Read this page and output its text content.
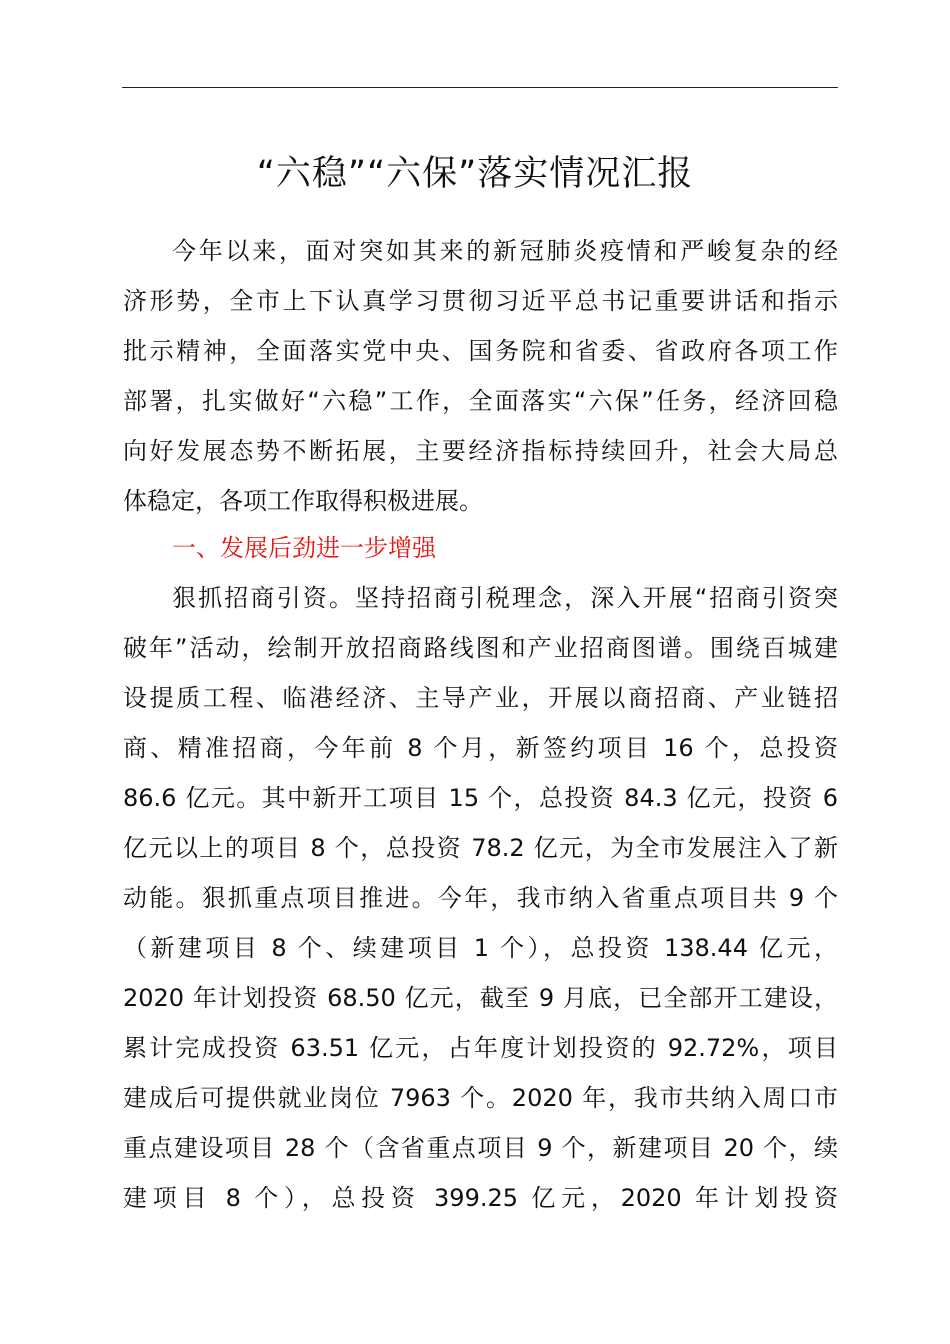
“六稳”“六保”落实情况汇报
今年以来，面对突如其来的新冠肺炎疫情和严峻复杂的经
济形势，全市上下认真学习贯彻习近平总书记重要讲话和指示
批示精神，全面落实党中央、国务院和省委、省政府各项工作
部署，扎实做好“六稳”工作，全面落实“六保”任务，经济回稳
向好发展态势不断拓展，主要经济指标持续回升，社会大局总
体稳定，各项工作取得积极进展。
一、发展后劲进一步增强
狠抓招商引资。坚持招商引税理念，深入开展“招商引资突
破年”活动，绘制开放招商路线图和产业招商图谱。围绕百城建
设提质工程、临港经济、主导产业，开展以商招商、产业链招
商、精准招商，今年前 8 个月，新签约项目 16 个，总投资
86.6 亿元。其中新开工项目 15 个，总投资 84.3 亿元，投资 6
亿元以上的项目 8 个，总投资 78.2 亿元，为全市发展注入了新
动能。狠抓重点项目推进。今年，我市纳入省重点项目共 9 个
（新建项目 8 个、续建项目 1 个），总投资 138.44 亿元，
2020 年计划投资 68.50 亿元，截至 9 月底，已全部开工建设，
累计完成投资 63.51 亿元，占年度计划投资的 92.72%，项目
建成后可提供就业岗位 7963 个。2020 年，我市共纳入周口市
重点建设项目 28 个（含省重点项目 9 个，新建项目 20 个，续
建项目 8 个），总投资 399.25 亿元，2020 年计划投资
